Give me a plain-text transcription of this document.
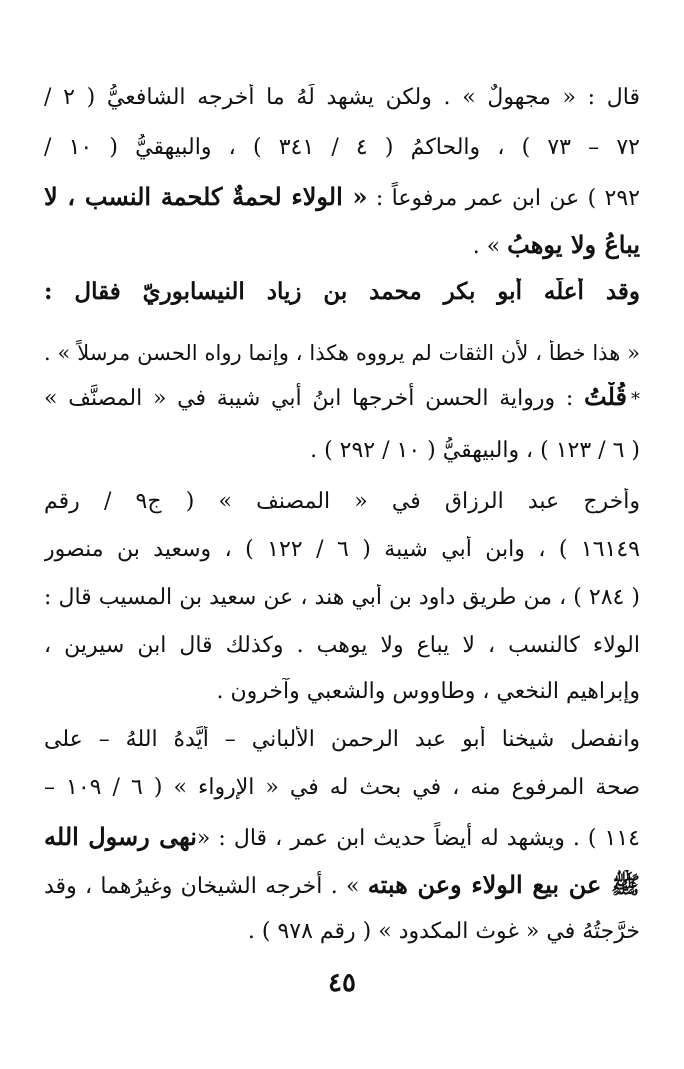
قال : « مجهولٌ » . ولكن يشهد لَهُ ما أخرجه الشافعيُّ ( ٢ /
٧٢ – ٧٣ ) ، والحاكمُ ( ٤ / ٣٤١ ) ، والبيهقيُّ ( ١٠ /
٢٩٢ ) عن ابن عمر مرفوعاً : « الولاء لحمةٌ كلحمة النسب ، لا
يباعُ ولا يوهبُ » .
وقد أعلَّه أبو بكر محمد بن زياد النيسابوريّ فقال :
« هذا خطأ ، لأن الثقات لم يرووه هكذا ، وإنما رواه الحسن مرسلاً » .
*قُلْتُ : ورواية الحسن أخرجها ابنُ أبي شيبة في « المصنَّف »
( ٦ / ١٢٣ ) ، والبيهقيُّ ( ١٠ / ٢٩٢ ) .
وأخرج عبد الرزاق في « المصنف » ( ج٩ / رقم
١٦١٤٩ ) ، وابن أبي شيبة ( ٦ / ١٢٢ ) ، وسعيد بن منصور
( ٢٨٤ ) ، من طريق داود بن أبي هند ، عن سعيد بن المسيب قال :
الولاء كالنسب ، لا يباع ولا يوهب . وكذلك قال ابن سيرين ،
وإبراهيم النخعي ، وطاووس والشعبي وآخرون .
وانفصل شيخنا أبو عبد الرحمن الألباني – أيَّدهُ اللهُ – على
صحة المرفوع منه ، في بحث له في « الإرواء » ( ٦ / ١٠٩ –
١١٤ ) . ويشهد له أيضاً حديث ابن عمر ، قال : «نهى رسول الله
ﷺ عن بيع الولاء وعن هبته » . أخرجه الشيخان وغيرُهما ، وقد
خرَّجتُهُ في « غوث المكدود » ( رقم ٩٧٨ ) .
٤٥
